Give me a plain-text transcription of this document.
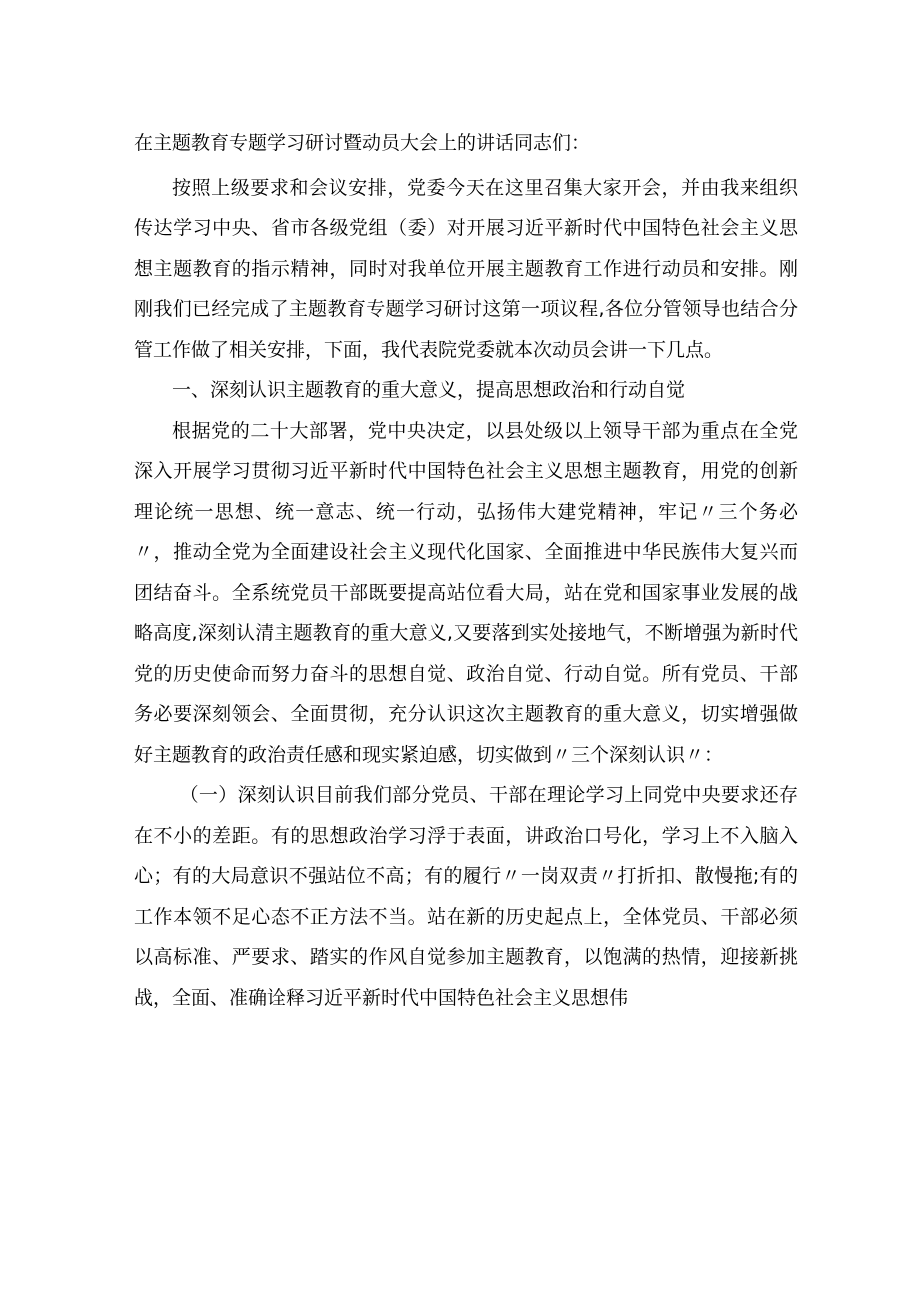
在主题教育专题学习研讨暨动员大会上的讲话同志们：

按照上级要求和会议安排，党委今天在这里召集大家开会，并由我来组织传达学习中央、省市各级党组（委）对开展习近平新时代中国特色社会主义思想主题教育的指示精神，同时对我单位开展主题教育工作进行动员和安排。刚刚我们已经完成了主题教育专题学习研讨这第一项议程,各位分管领导也结合分管工作做了相关安排，下面，我代表院党委就本次动员会讲一下几点。

一、深刻认识主题教育的重大意义，提高思想政治和行动自觉

根据党的二十大部署，党中央决定，以县处级以上领导干部为重点在全党深入开展学习贯彻习近平新时代中国特色社会主义思想主题教育，用党的创新理论统一思想、统一意志、统一行动，弘扬伟大建党精神，牢记〃三个务必〃，推动全党为全面建设社会主义现代化国家、全面推进中华民族伟大复兴而团结奋斗。全系统党员干部既要提高站位看大局，站在党和国家事业发展的战略高度,深刻认清主题教育的重大意义,又要落到实处接地气，不断增强为新时代党的历史使命而努力奋斗的思想自觉、政治自觉、行动自觉。所有党员、干部务必要深刻领会、全面贯彻，充分认识这次主题教育的重大意义，切实增强做好主题教育的政治责任感和现实紧迫感，切实做到〃三个深刻认识〃：

（一）深刻认识目前我们部分党员、干部在理论学习上同党中央要求还存在不小的差距。有的思想政治学习浮于表面，讲政治口号化，学习上不入脑入心；有的大局意识不强站位不高；有的履行〃一岗双责〃打折扣、散慢拖;有的工作本领不足心态不正方法不当。站在新的历史起点上，全体党员、干部必须以高标准、严要求、踏实的作风自觉参加主题教育，以饱满的热情，迎接新挑战，全面、准确诠释习近平新时代中国特色社会主义思想伟
